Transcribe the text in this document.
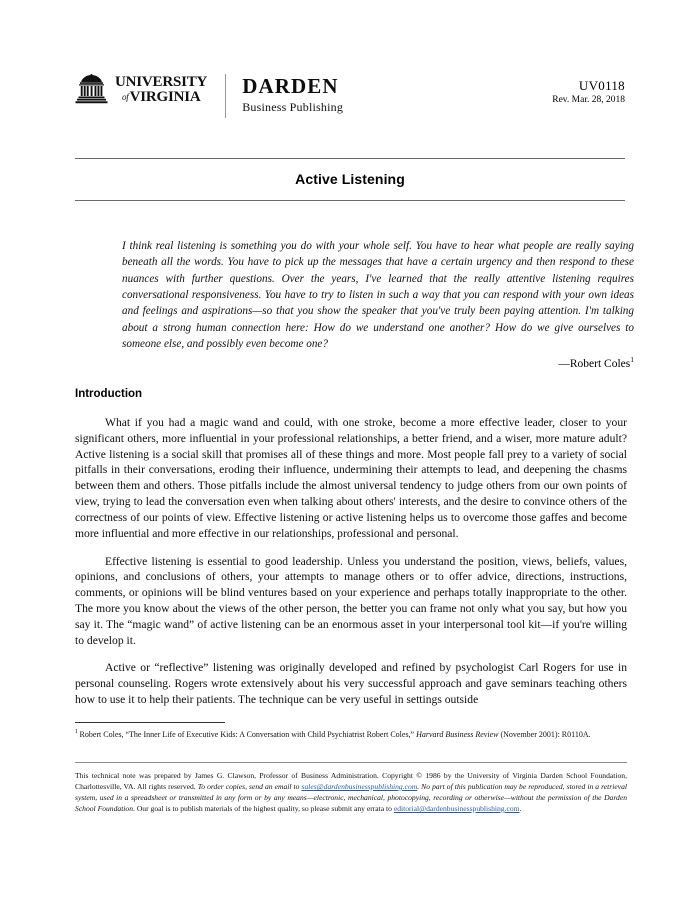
UNIVERSITY
ofVIRGINIA	DARDEN
Business Publishing
UV0118
Rev. Mar. 28, 2018
Active Listening
I think real listening is something you do with your whole self. You have to hear what people are really saying beneath all the words. You have to pick up the messages that have a certain urgency and then respond to these nuances with further questions. Over the years, I've learned that the really attentive listening requires conversational responsiveness. You have to try to listen in such a way that you can respond with your own ideas and feelings and aspirations—so that you show the speaker that you've truly been paying attention. I'm talking about a strong human connection here: How do we understand one another? How do we give ourselves to someone else, and possibly even become one?
—Robert Coles$^1$
Introduction

What if you had a magic wand and could, with one stroke, become a more effective leader, closer to your significant others, more influential in your professional relationships, a better friend, and a wiser, more mature adult? Active listening is a social skill that promises all of these things and more. Most people fall prey to a variety of social pitfalls in their conversations, eroding their influence, undermining their attempts to lead, and deepening the chasms between them and others. Those pitfalls include the almost universal tendency to judge others from our own points of view, trying to lead the conversation even when talking about others' interests, and the desire to convince others of the correctness of our points of view. Effective listening or active listening helps us to overcome those gaffes and become more influential and more effective in our relationships, professional and personal.

Effective listening is essential to good leadership. Unless you understand the position, views, beliefs, values, opinions, and conclusions of others, your attempts to manage others or to offer advice, directions, instructions, comments, or opinions will be blind ventures based on your experience and perhaps totally inappropriate to the other. The more you know about the views of the other person, the better you can frame not only what you say, but how you say it. The “magic wand” of active listening can be an enormous asset in your interpersonal tool kit—if you're willing to develop it.

Active or “reflective” listening was originally developed and refined by psychologist Carl Rogers for use in personal counseling. Rogers wrote extensively about his very successful approach and gave seminars teaching others how to use it to help their patients. The technique can be very useful in settings outside

$^1$ Robert Coles, “The Inner Life of Executive Kids: A Conversation with Child Psychiatrist Robert Coles,” Harvard Business Review (November 2001): R0110A.
This technical note was prepared by James G. Clawson, Professor of Business Administration. Copyright © 1986 by the University of Virginia Darden School Foundation, Charlottesville, VA. All rights reserved. To order copies, send an email to sales@dardenbusinesspublishing.com. No part of this publication may be reproduced, stored in a retrieval system, used in a spreadsheet or transmitted in any form or by any means—electronic, mechanical, photocopying, recording or otherwise—without the permission of the Darden School Foundation. Our goal is to publish materials of the highest quality, so please submit any errata to editorial@dardenbusinesspublishing.com.
